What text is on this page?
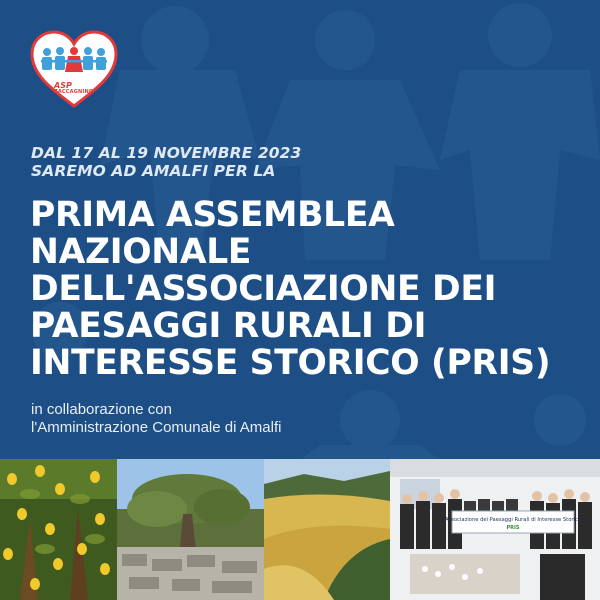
ASP
ZACCAGNINO
DAL 17 AL 19 NOVEMBRE 2023
SAREMO AD AMALFI PER LA
PRIMA ASSEMBLEA
NAZIONALE
DELL'ASSOCIAZIONE DEI
PAESAGGI RURALI DI
INTERESSE STORICO (PRIS)
in collaborazione con
l'Amministrazione Comunale di Amalfi
Associazione dei Paesaggi Rurali di Interesse Storico
PRIS
